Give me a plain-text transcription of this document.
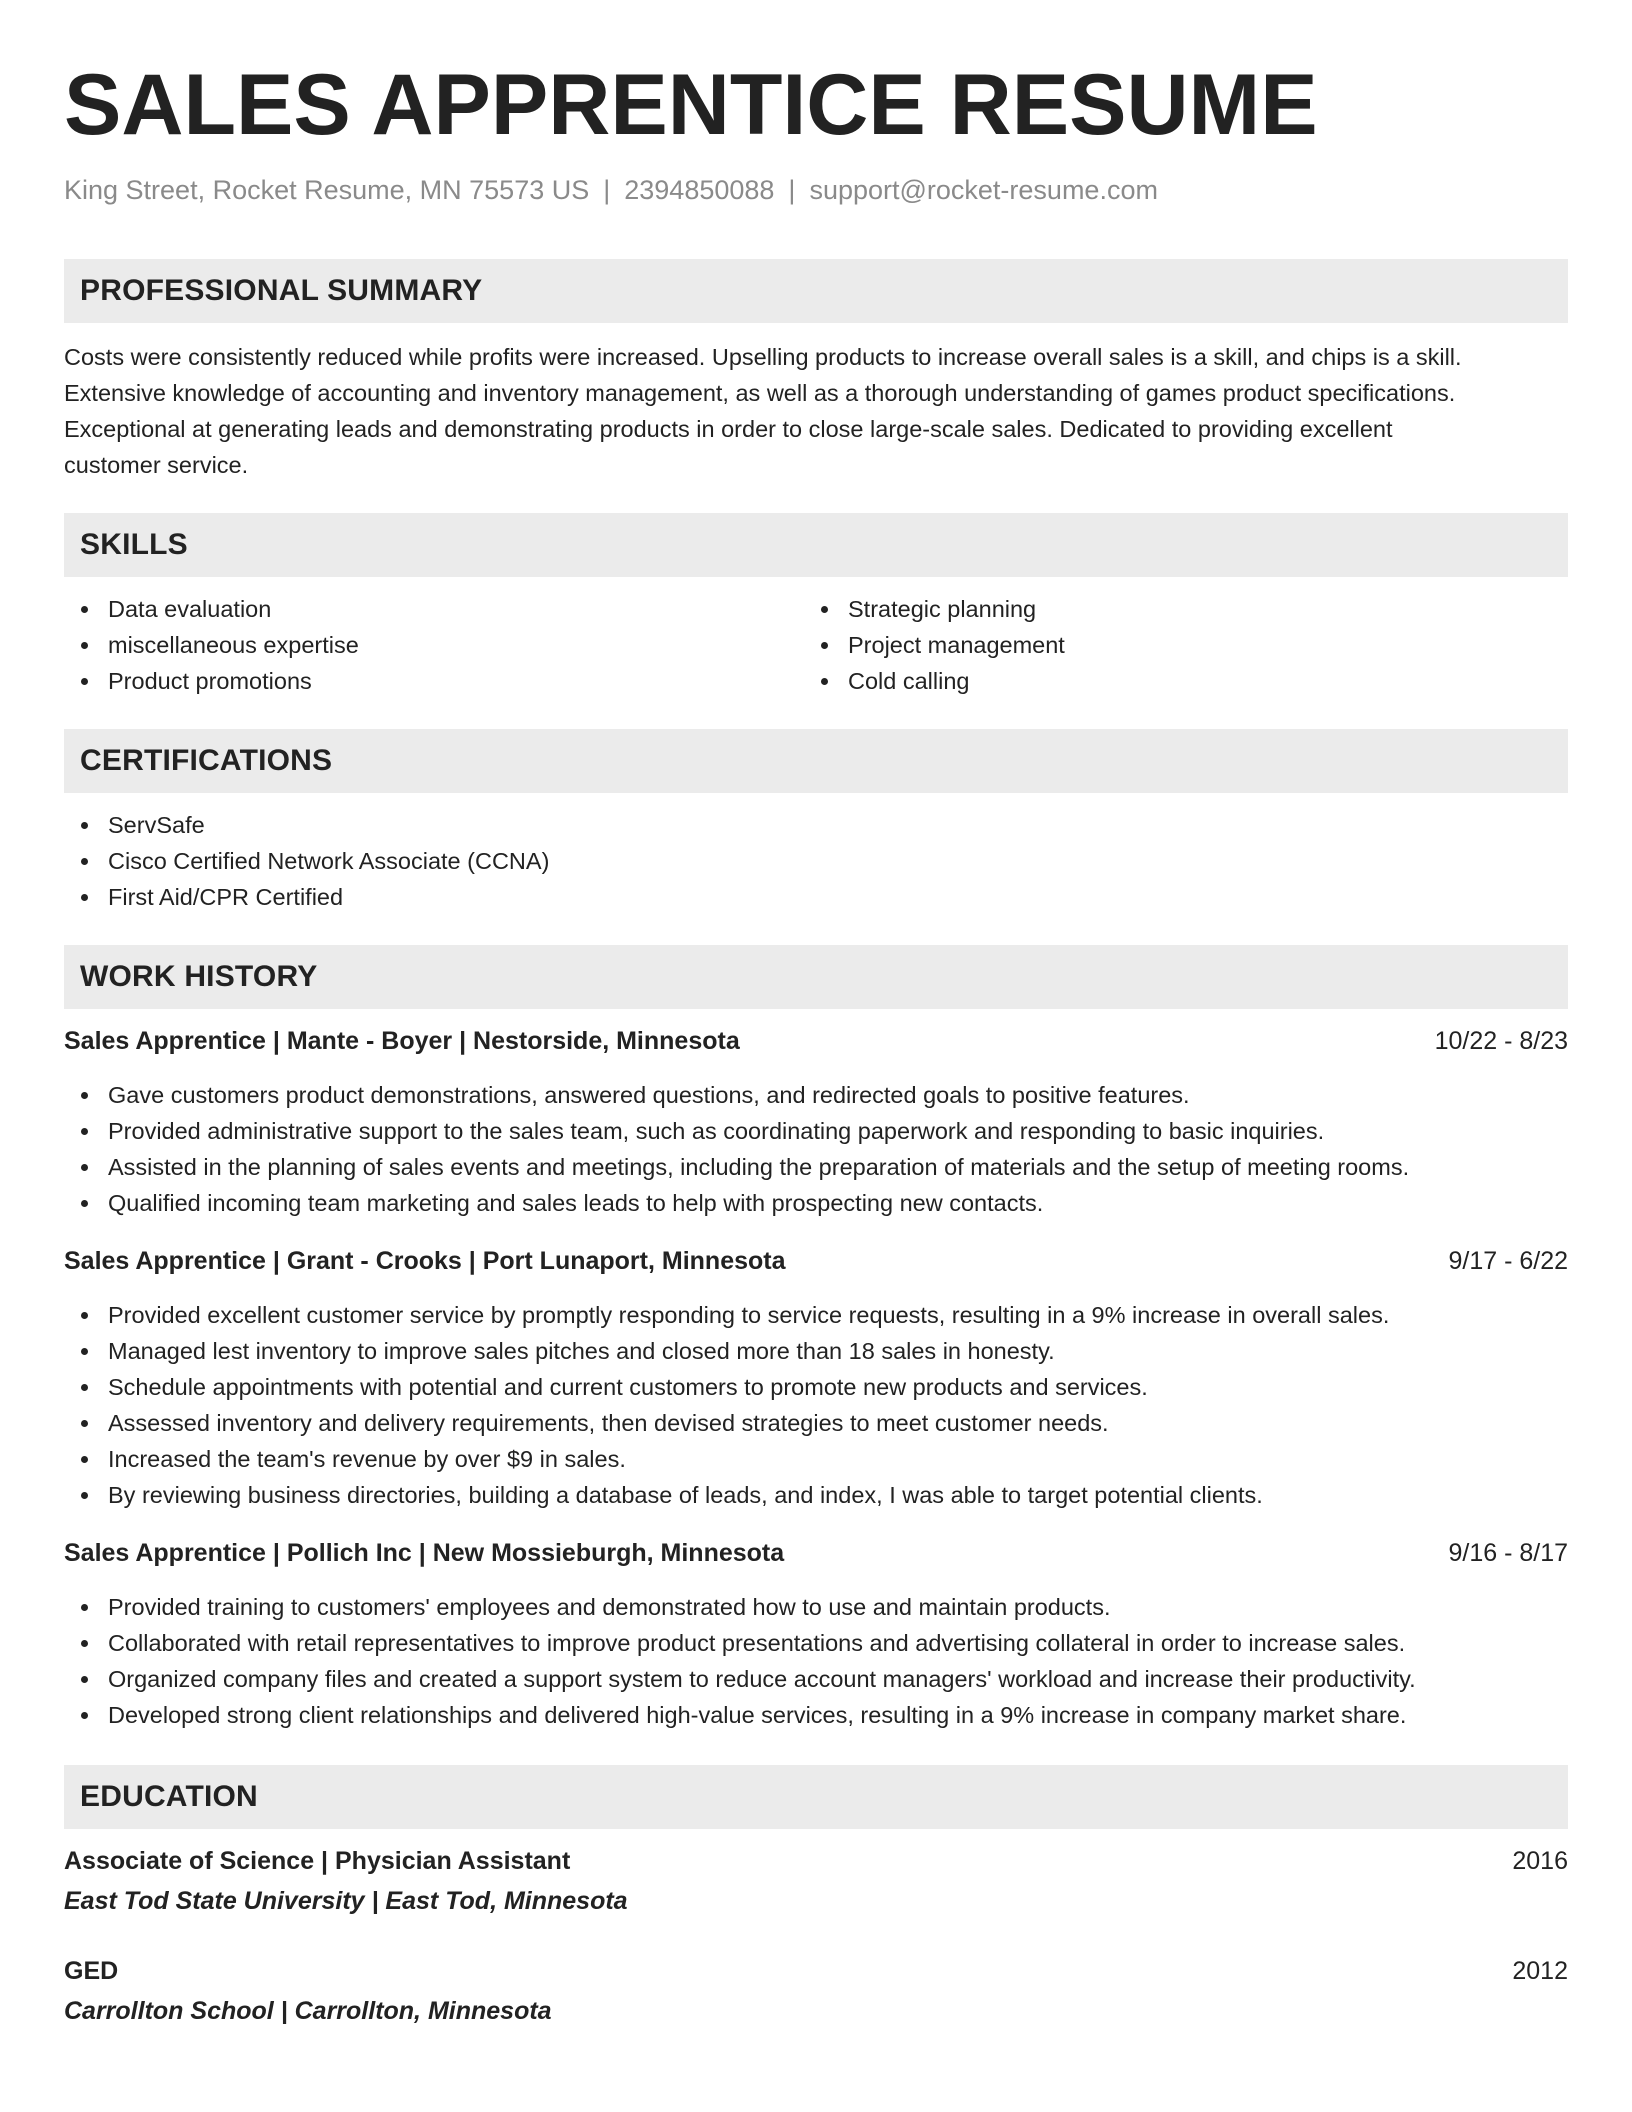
SALES APPRENTICE RESUME
King Street, Rocket Resume, MN 75573 US | 2394850088 | support@rocket-resume.com
PROFESSIONAL SUMMARY
Costs were consistently reduced while profits were increased. Upselling products to increase overall sales is a skill, and chips is a skill.
Extensive knowledge of accounting and inventory management, as well as a thorough understanding of games product specifications.
Exceptional at generating leads and demonstrating products in order to close large-scale sales. Dedicated to providing excellent
customer service.
SKILLS
Data evaluation
miscellaneous expertise
Product promotions
Strategic planning
Project management
Cold calling
CERTIFICATIONS
ServSafe
Cisco Certified Network Associate (CCNA)
First Aid/CPR Certified
WORK HISTORY
Sales Apprentice | Mante - Boyer | Nestorside, Minnesota	10/22 - 8/23
Gave customers product demonstrations, answered questions, and redirected goals to positive features.
Provided administrative support to the sales team, such as coordinating paperwork and responding to basic inquiries.
Assisted in the planning of sales events and meetings, including the preparation of materials and the setup of meeting rooms.
Qualified incoming team marketing and sales leads to help with prospecting new contacts.
Sales Apprentice | Grant - Crooks | Port Lunaport, Minnesota	9/17 - 6/22
Provided excellent customer service by promptly responding to service requests, resulting in a 9% increase in overall sales.
Managed lest inventory to improve sales pitches and closed more than 18 sales in honesty.
Schedule appointments with potential and current customers to promote new products and services.
Assessed inventory and delivery requirements, then devised strategies to meet customer needs.
Increased the team's revenue by over $9 in sales.
By reviewing business directories, building a database of leads, and index, I was able to target potential clients.
Sales Apprentice | Pollich Inc | New Mossieburgh, Minnesota	9/16 - 8/17
Provided training to customers' employees and demonstrated how to use and maintain products.
Collaborated with retail representatives to improve product presentations and advertising collateral in order to increase sales.
Organized company files and created a support system to reduce account managers' workload and increase their productivity.
Developed strong client relationships and delivered high-value services, resulting in a 9% increase in company market share.
EDUCATION
Associate of Science | Physician Assistant	2016
East Tod State University | East Tod, Minnesota
GED	2012
Carrollton School | Carrollton, Minnesota
